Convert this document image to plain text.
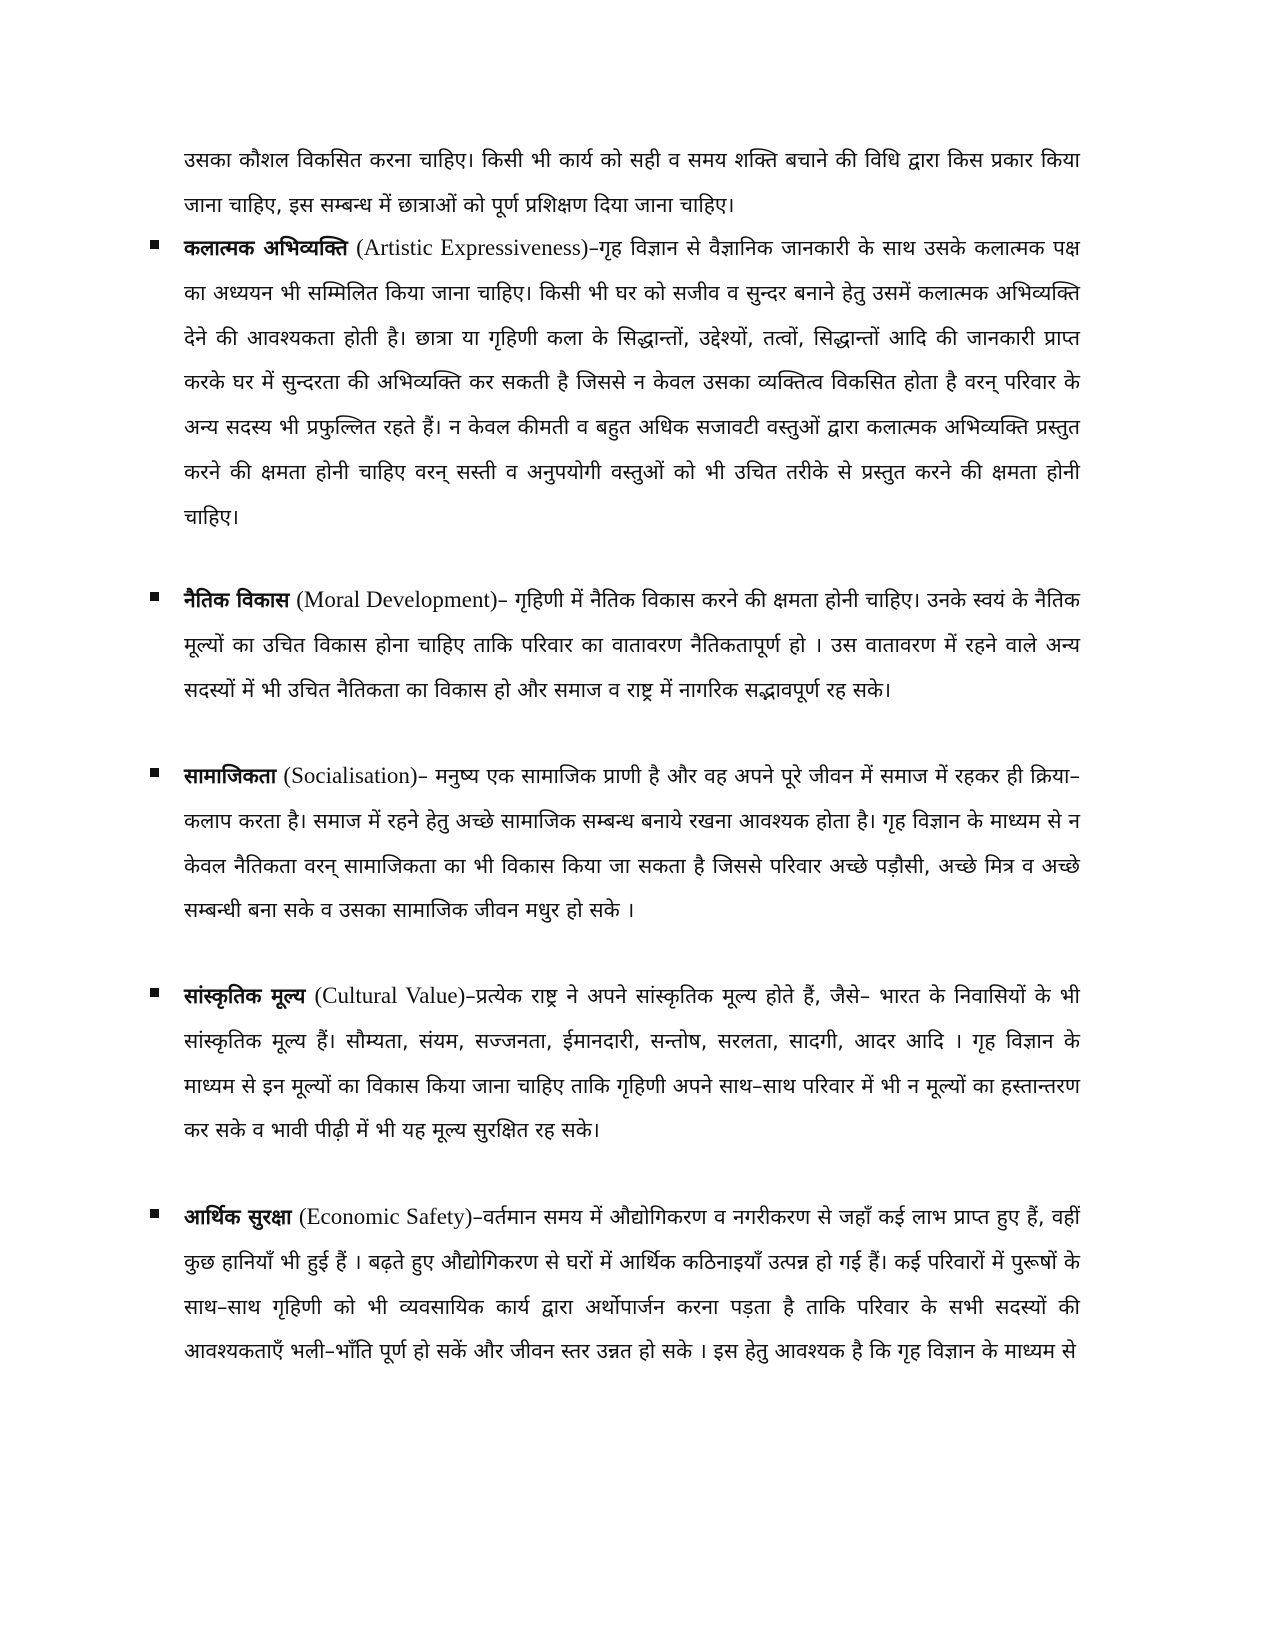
उसका कौशल विकसित करना चाहिए। किसी भी कार्य को सही व समय शक्ति बचाने की विधि द्वारा किस प्रकार किया जाना चाहिए, इस सम्बन्ध में छात्राओं को पूर्ण प्रशिक्षण दिया जाना चाहिए।
कलात्मक अभिव्यक्ति (Artistic Expressiveness)–गृह विज्ञान से वैज्ञानिक जानकारी के साथ उसके कलात्मक पक्ष का अध्ययन भी सम्मिलित किया जाना चाहिए। किसी भी घर को सजीव व सुन्दर बनाने हेतु उसमें कलात्मक अभिव्यक्ति देने की आवश्यकता होती है। छात्रा या गृहिणी कला के सिद्धान्तों, उद्देश्यों, तत्वों, सिद्धान्तों आदि की जानकारी प्राप्त करके घर में सुन्दरता की अभिव्यक्ति कर सकती है जिससे न केवल उसका व्यक्तित्व विकसित होता है वरन् परिवार के अन्य सदस्य भी प्रफुल्लित रहते हैं। न केवल कीमती व बहुत अधिक सजावटी वस्तुओं द्वारा कलात्मक अभिव्यक्ति प्रस्तुत करने की क्षमता होनी चाहिए वरन् सस्ती व अनुपयोगी वस्तुओं को भी उचित तरीके से प्रस्तुत करने की क्षमता होनी चाहिए।
नैतिक विकास (Moral Development)– गृहिणी में नैतिक विकास करने की क्षमता होनी चाहिए। उनके स्वयं के नैतिक मूल्यों का उचित विकास होना चाहिए ताकि परिवार का वातावरण नैतिकतापूर्ण हो । उस वातावरण में रहने वाले अन्य सदस्यों में भी उचित नैतिकता का विकास हो और समाज व राष्ट्र में नागरिक सद्भावपूर्ण रह सके।
सामाजिकता (Socialisation)– मनुष्य एक सामाजिक प्राणी है और वह अपने पूरे जीवन में समाज में रहकर ही क्रिया–कलाप करता है। समाज में रहने हेतु अच्छे सामाजिक सम्बन्ध बनाये रखना आवश्यक होता है। गृह विज्ञान के माध्यम से न केवल नैतिकता वरन् सामाजिकता का भी विकास किया जा सकता है जिससे परिवार अच्छे पड़ौसी, अच्छे मित्र व अच्छे सम्बन्धी बना सके व उसका सामाजिक जीवन मधुर हो सके ।
सांस्कृतिक मूल्य (Cultural Value)–प्रत्येक राष्ट्र ने अपने सांस्कृतिक मूल्य होते हैं, जैसे– भारत के निवासियों के भी सांस्कृतिक मूल्य हैं। सौम्यता, संयम, सज्जनता, ईमानदारी, सन्तोष, सरलता, सादगी, आदर आदि । गृह विज्ञान के माध्यम से इन मूल्यों का विकास किया जाना चाहिए ताकि गृहिणी अपने साथ–साथ परिवार में भी न मूल्यों का हस्तान्तरण कर सके व भावी पीढ़ी में भी यह मूल्य सुरक्षित रह सके।
आर्थिक सुरक्षा (Economic Safety)–वर्तमान समय में औद्योगिकरण व नगरीकरण से जहाँ कई लाभ प्राप्त हुए हैं, वहीं कुछ हानियाँ भी हुई हैं । बढ़ते हुए औद्योगिकरण से घरों में आर्थिक कठिनाइयाँ उत्पन्न हो गई हैं। कई परिवारों में पुरूषों के साथ–साथ गृहिणी को भी व्यवसायिक कार्य द्वारा अर्थोपार्जन करना पड़ता है ताकि परिवार के सभी सदस्यों की आवश्यकताएँ भली–भाँति पूर्ण हो सकें और जीवन स्तर उन्नत हो सके । इस हेतु आवश्यक है कि गृह विज्ञान के माध्यम से
